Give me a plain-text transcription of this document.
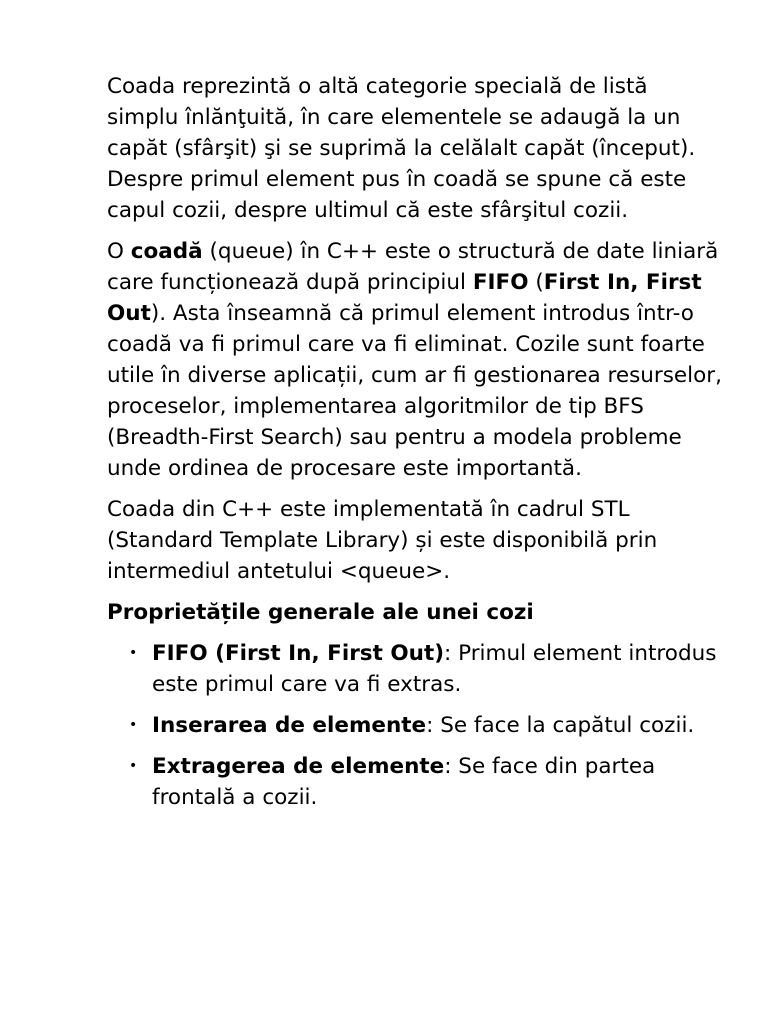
Coada reprezintă o altă categorie specială de listă simplu înlănţuită, în care elementele se adaugă la un capăt (sfârşit) şi se suprimă la celălalt capăt (început). Despre primul element pus în coadă se spune că este capul cozii, despre ultimul că este sfârşitul cozii.

O coadă (queue) în C++ este o structură de date liniară care funcționează după principiul FIFO (First In, First Out). Asta înseamnă că primul element introdus într-o coadă va fi primul care va fi eliminat. Cozile sunt foarte utile în diverse aplicații, cum ar fi gestionarea resurselor, proceselor, implementarea algoritmilor de tip BFS (Breadth-First Search) sau pentru a modela probleme unde ordinea de procesare este importantă.

Coada din C++ este implementată în cadrul STL (Standard Template Library) și este disponibilă prin intermediul antetului <queue>.

Proprietățile generale ale unei cozi

• FIFO (First In, First Out): Primul element introdus este primul care va fi extras.
• Inserarea de elemente: Se face la capătul cozii.
• Extragerea de elemente: Se face din partea frontală a cozii.
